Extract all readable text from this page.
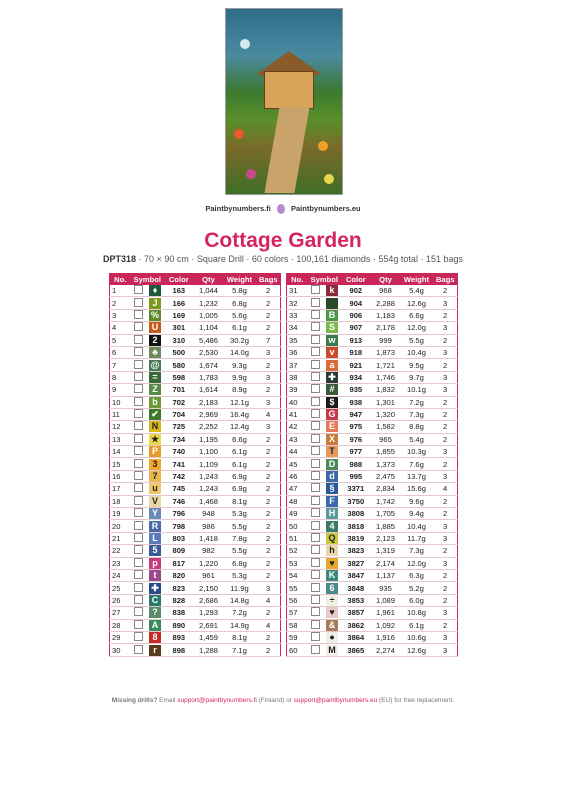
Paintbynumbers.fi	Paintbynumbers.eu
Cottage Garden
DPT318 · 70 × 90 cm · Square Drill · 60 colors · 100,161 diamonds · 554g total · 151 bags
No.	Symbol		Color	Qty	Weight	Bags
1		♦	163	1,044	5.8g	2
2		J	166	1,232	6.8g	2
3		%	169	1,005	5.6g	2
4		U	301	1,104	6.1g	2
5		2	310	5,486	30.2g	7
6		♣	500	2,530	14.0g	3
7		@	580	1,674	9.3g	2
8		=	598	1,783	9.9g	3
9		Z	701	1,614	8.9g	2
10		b	702	2,183	12.1g	3
11		✔	704	2,969	16.4g	4
12		N	725	2,252	12.4g	3
13		★	734	1,195	6.6g	2
14		P	740	1,100	6.1g	2
15		3	741	1,109	6.1g	2
16		7	742	1,243	6.9g	2
17		u	745	1,243	6.9g	2
18		V	746	1,468	8.1g	2
19		Y	796	948	5.3g	2
20		R	798	986	5.5g	2
21		L	803	1,418	7.8g	2
22		5	809	982	5.5g	2
23		p	817	1,220	6.8g	2
24		t	820	961	5.3g	2
25		✚	823	2,150	11.9g	3
26		C	828	2,686	14.8g	4
27		?	838	1,293	7.2g	2
28		A	890	2,691	14.9g	4
29		8	893	1,459	8.1g	2
30		r	898	1,288	7.1g	2
No.	Symbol		Color	Qty	Weight	Bags
31		k	902	968	5.4g	2
32			904	2,288	12.6g	3
33		B	906	1,183	6.6g	2
34		S	907	2,178	12.0g	3
35		w	913	999	5.5g	2
36		v	918	1,873	10.4g	3
37		a	921	1,721	9.5g	2
38		✚	934	1,746	9.7g	3
39		#	935	1,832	10.1g	3
40		$	938	1,301	7.2g	2
41		G	947	1,320	7.3g	2
42		E	975	1,582	8.8g	2
43		X	976	965	5.4g	2
44		T	977	1,855	10.3g	3
45		D	988	1,373	7.6g	2
46		d	995	2,475	13.7g	3
47		§	3371	2,834	15.6g	4
48		F	3750	1,742	9.6g	2
49		H	3808	1,705	9.4g	2
50		4	3818	1,885	10.4g	3
51		Q	3819	2,123	11.7g	3
52		h	3823	1,319	7.3g	2
53		♥	3827	2,174	12.0g	3
54		K	3847	1,137	6.3g	2
55		6	3848	935	5.2g	2
56		÷	3853	1,089	6.0g	2
57		♥	3857	1,961	10.8g	3
58		&	3862	1,092	6.1g	2
59		●	3864	1,916	10.6g	3
60		M	3865	2,274	12.6g	3
Missing drills? Email support@paintbynumbers.fi (Finland) or support@paintbynumbers.eu (EU) for free replacement.
